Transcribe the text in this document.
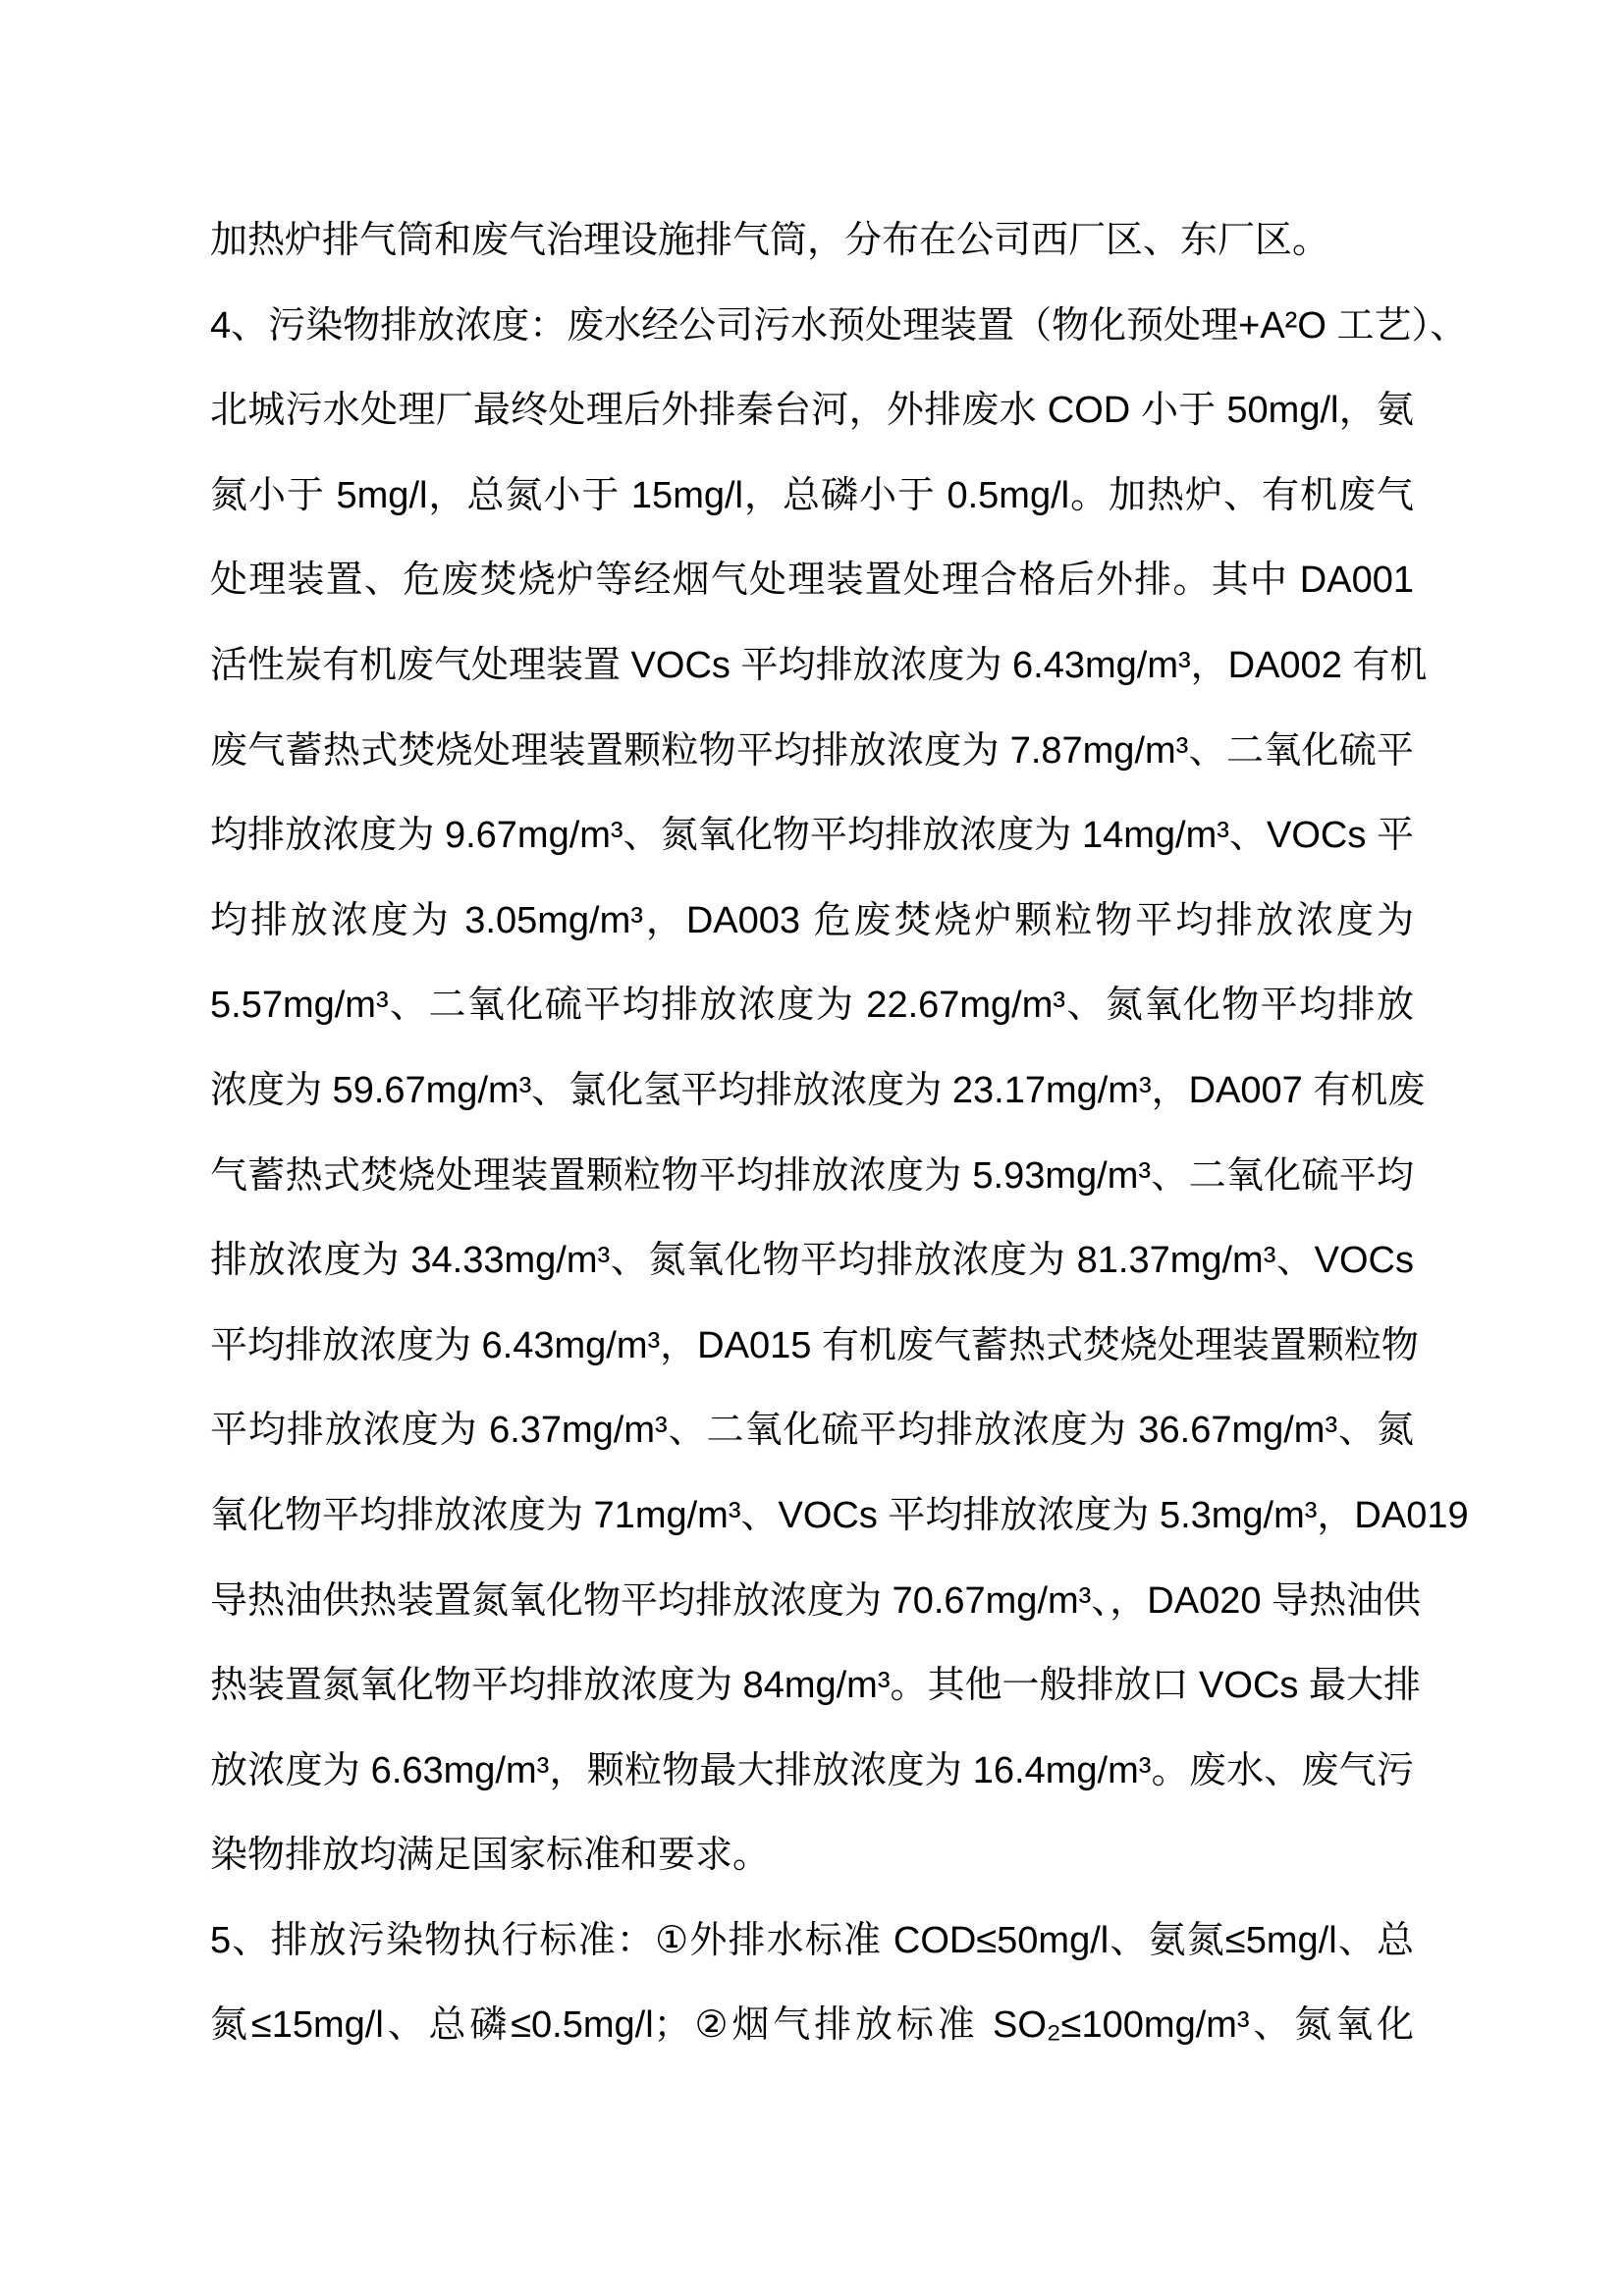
加热炉排气筒和废气治理设施排气筒，分布在公司西厂区、东厂区。
4、污染物排放浓度：废水经公司污水预处理装置（物化预处理+A²O 工艺）、
北城污水处理厂最终处理后外排秦台河，外排废水 COD 小于 50mg/l，氨
氮小于 5mg/l，总氮小于 15mg/l，总磷小于 0.5mg/l。加热炉、有机废气
处理装置、危废焚烧炉等经烟气处理装置处理合格后外排。其中 DA001
活性炭有机废气处理装置 VOCs 平均排放浓度为 6.43mg/m³，DA002 有机
废气蓄热式焚烧处理装置颗粒物平均排放浓度为 7.87mg/m³、二氧化硫平
均排放浓度为 9.67mg/m³、氮氧化物平均排放浓度为 14mg/m³、VOCs 平
均排放浓度为 3.05mg/m³，DA003 危废焚烧炉颗粒物平均排放浓度为
5.57mg/m³、二氧化硫平均排放浓度为 22.67mg/m³、氮氧化物平均排放
浓度为 59.67mg/m³、氯化氢平均排放浓度为 23.17mg/m³，DA007 有机废
气蓄热式焚烧处理装置颗粒物平均排放浓度为 5.93mg/m³、二氧化硫平均
排放浓度为 34.33mg/m³、氮氧化物平均排放浓度为 81.37mg/m³、VOCs
平均排放浓度为 6.43mg/m³，DA015 有机废气蓄热式焚烧处理装置颗粒物
平均排放浓度为 6.37mg/m³、二氧化硫平均排放浓度为 36.67mg/m³、氮
氧化物平均排放浓度为 71mg/m³、VOCs 平均排放浓度为 5.3mg/m³，DA019
导热油供热装置氮氧化物平均排放浓度为 70.67mg/m³、，DA020 导热油供
热装置氮氧化物平均排放浓度为 84mg/m³。其他一般排放口 VOCs 最大排
放浓度为 6.63mg/m³，颗粒物最大排放浓度为 16.4mg/m³。废水、废气污
染物排放均满足国家标准和要求。
5、排放污染物执行标准：①外排水标准 COD≤50mg/l、氨氮≤5mg/l、总
氮≤15mg/l、总磷≤0.5mg/l；②烟气排放标准 SO₂≤100mg/m³、氮氧化
